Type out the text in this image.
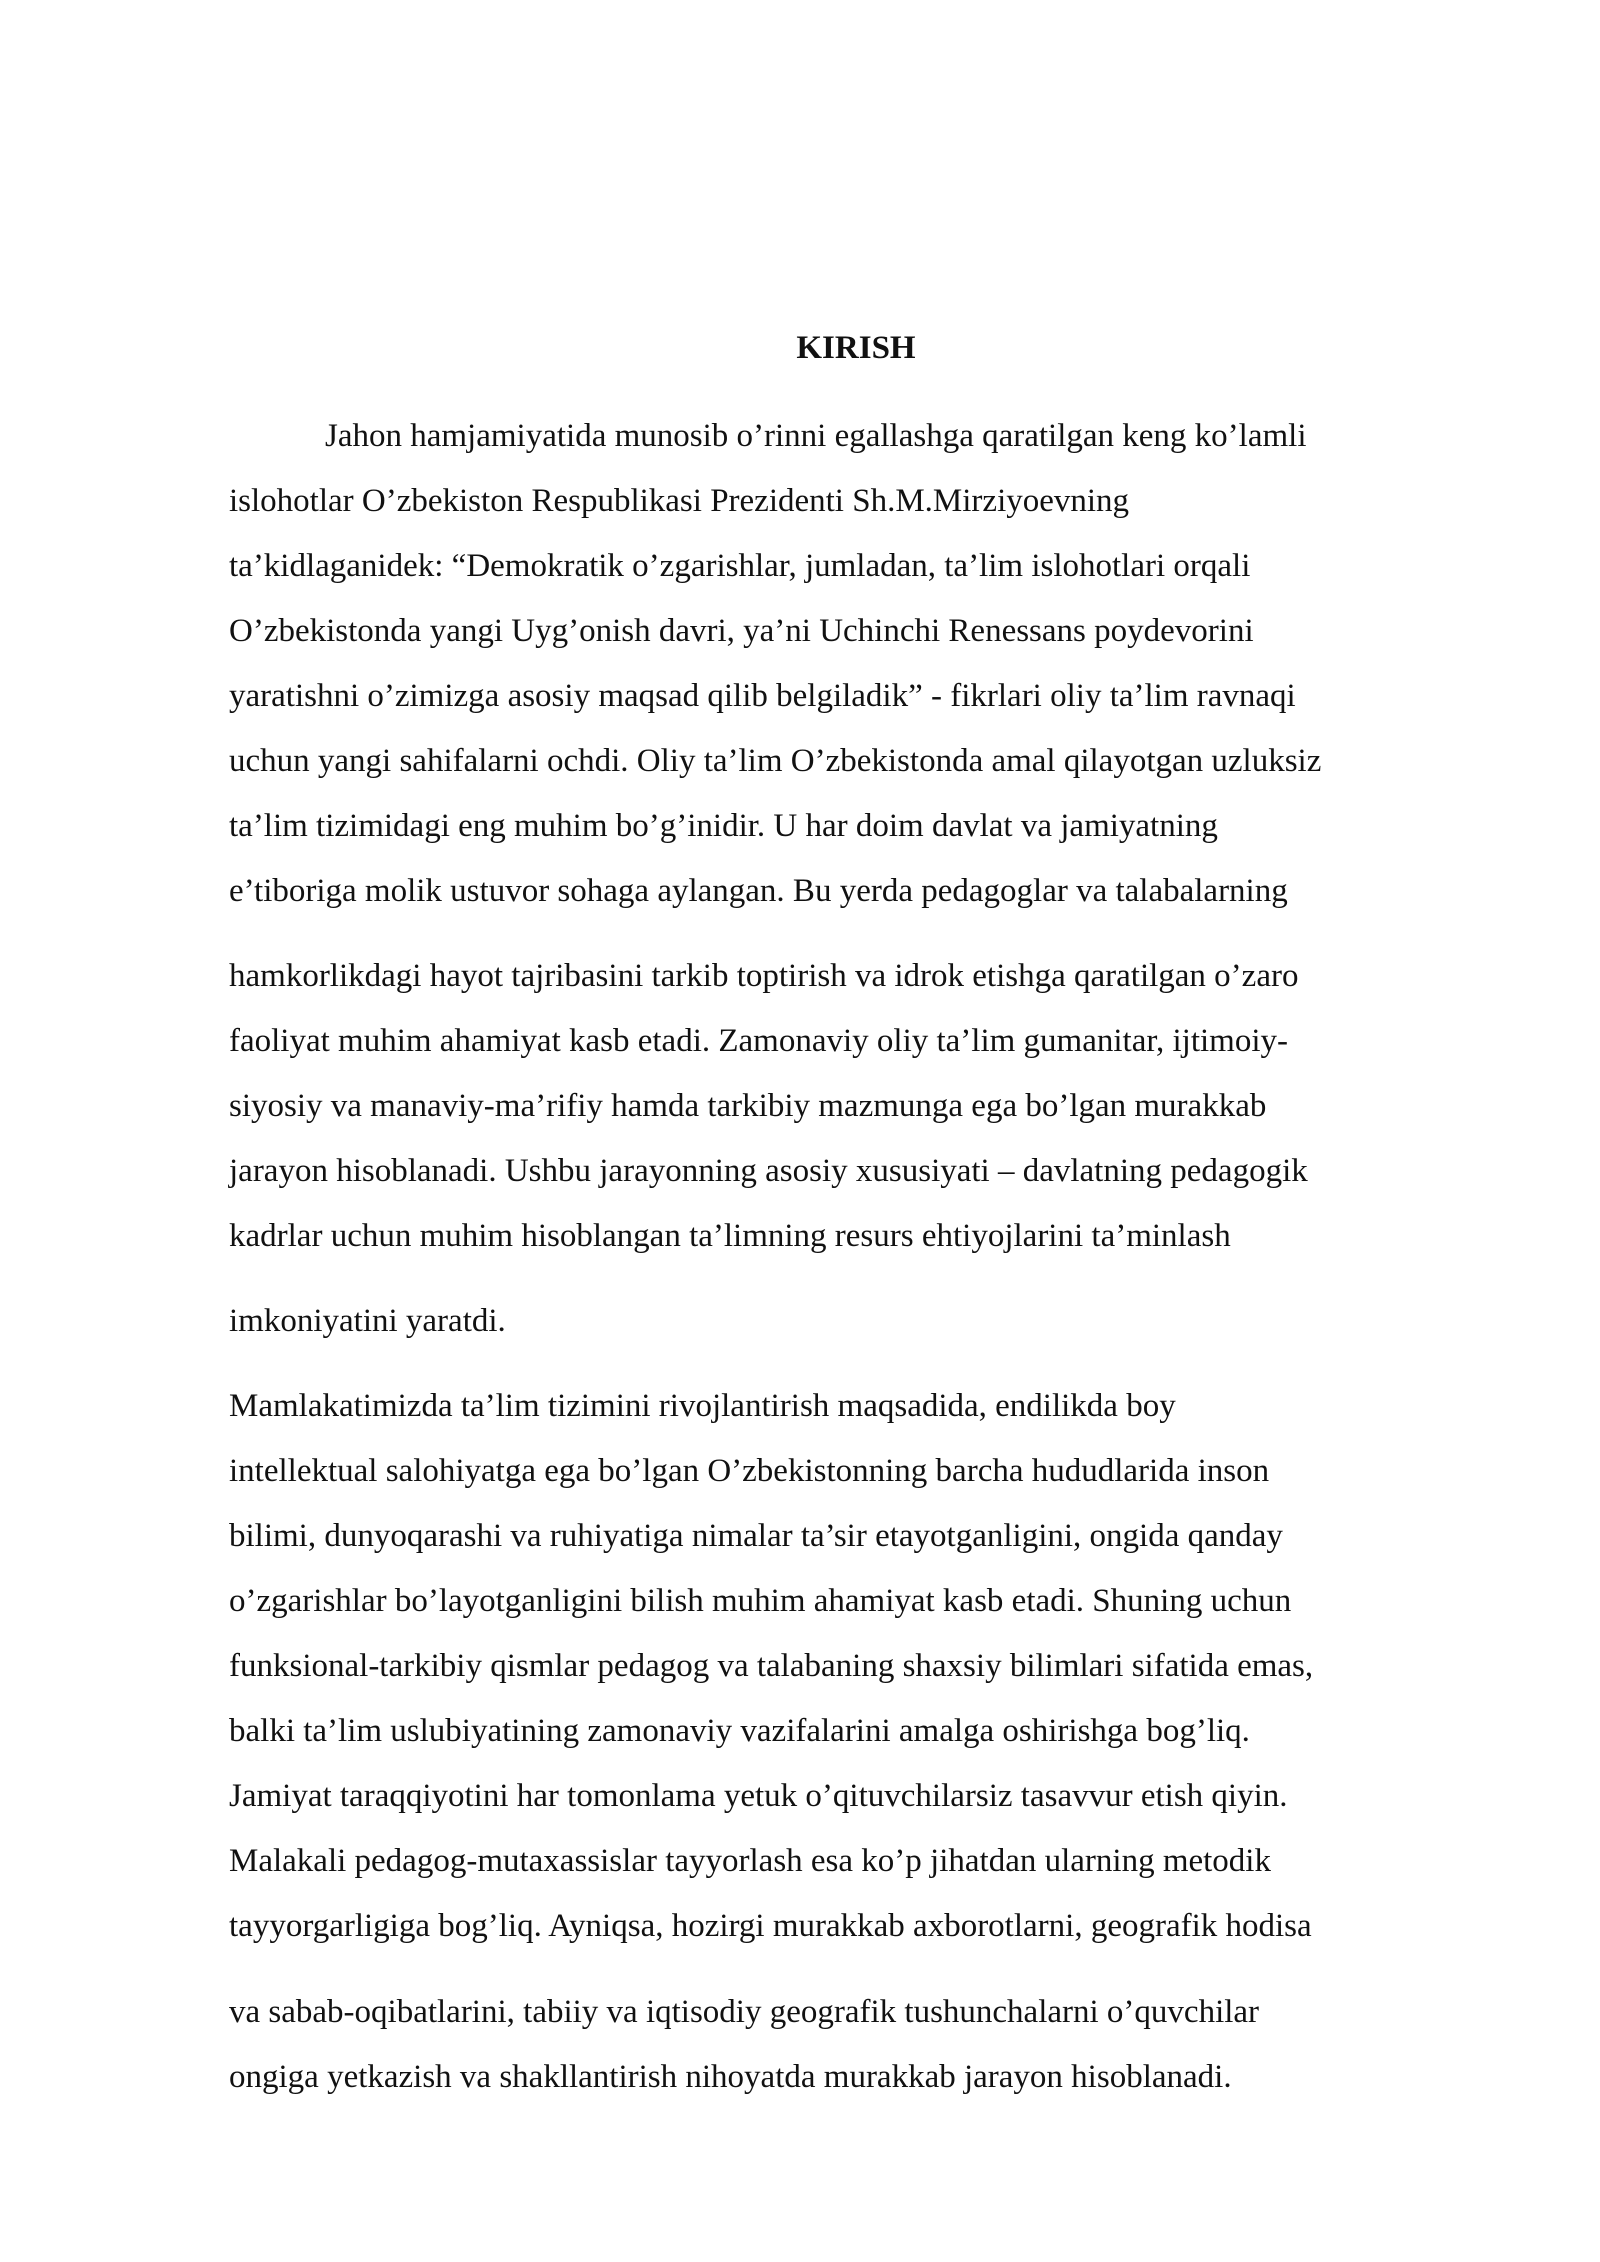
KIRISH
Jahon hamjamiyatida munosib o’rinni egallashga qaratilgan keng ko’lamli
islohotlar O’zbekiston Respublikasi Prezidenti Sh.M.Mirziyoevning
ta’kidlaganidek: “Demokratik o’zgarishlar, jumladan, ta’lim islohotlari orqali
O’zbekistonda yangi Uyg’onish davri, ya’ni Uchinchi Renessans poydevorini
yaratishni o’zimizga asosiy maqsad qilib belgiladik” - fikrlari oliy ta’lim ravnaqi
uchun yangi sahifalarni ochdi. Oliy ta’lim O’zbekistonda amal qilayotgan uzluksiz
ta’lim tizimidagi eng muhim bo’g’inidir. U har doim davlat va jamiyatning
e’tiboriga molik ustuvor sohaga aylangan. Bu yerda pedagoglar va talabalarning
hamkorlikdagi hayot tajribasini tarkib toptirish va idrok etishga qaratilgan o’zaro
faoliyat muhim ahamiyat kasb etadi. Zamonaviy oliy ta’lim gumanitar, ijtimoiy-
siyosiy va manaviy-ma’rifiy hamda tarkibiy mazmunga ega bo’lgan murakkab
jarayon hisoblanadi. Ushbu jarayonning asosiy xususiyati – davlatning pedagogik
kadrlar uchun muhim hisoblangan ta’limning resurs ehtiyojlarini ta’minlash
imkoniyatini yaratdi.
Mamlakatimizda ta’lim tizimini rivojlantirish maqsadida, endilikda boy
intellektual salohiyatga ega bo’lgan O’zbekistonning barcha hududlarida inson
bilimi, dunyoqarashi va ruhiyatiga nimalar ta’sir etayotganligini, ongida qanday
o’zgarishlar bo’layotganligini bilish muhim ahamiyat kasb etadi. Shuning uchun
funksional-tarkibiy qismlar pedagog va talabaning shaxsiy bilimlari sifatida emas,
balki ta’lim uslubiyatining zamonaviy vazifalarini amalga oshirishga bog’liq.
Jamiyat taraqqiyotini har tomonlama yetuk o’qituvchilarsiz tasavvur etish qiyin.
Malakali pedagog-mutaxassislar tayyorlash esa ko’p jihatdan ularning metodik
tayyorgarligiga bog’liq. Ayniqsa, hozirgi murakkab axborotlarni, geografik hodisa
va sabab-oqibatlarini, tabiiy va iqtisodiy geografik tushunchalarni o’quvchilar
ongiga yetkazish va shakllantirish nihoyatda murakkab jarayon hisoblanadi.
